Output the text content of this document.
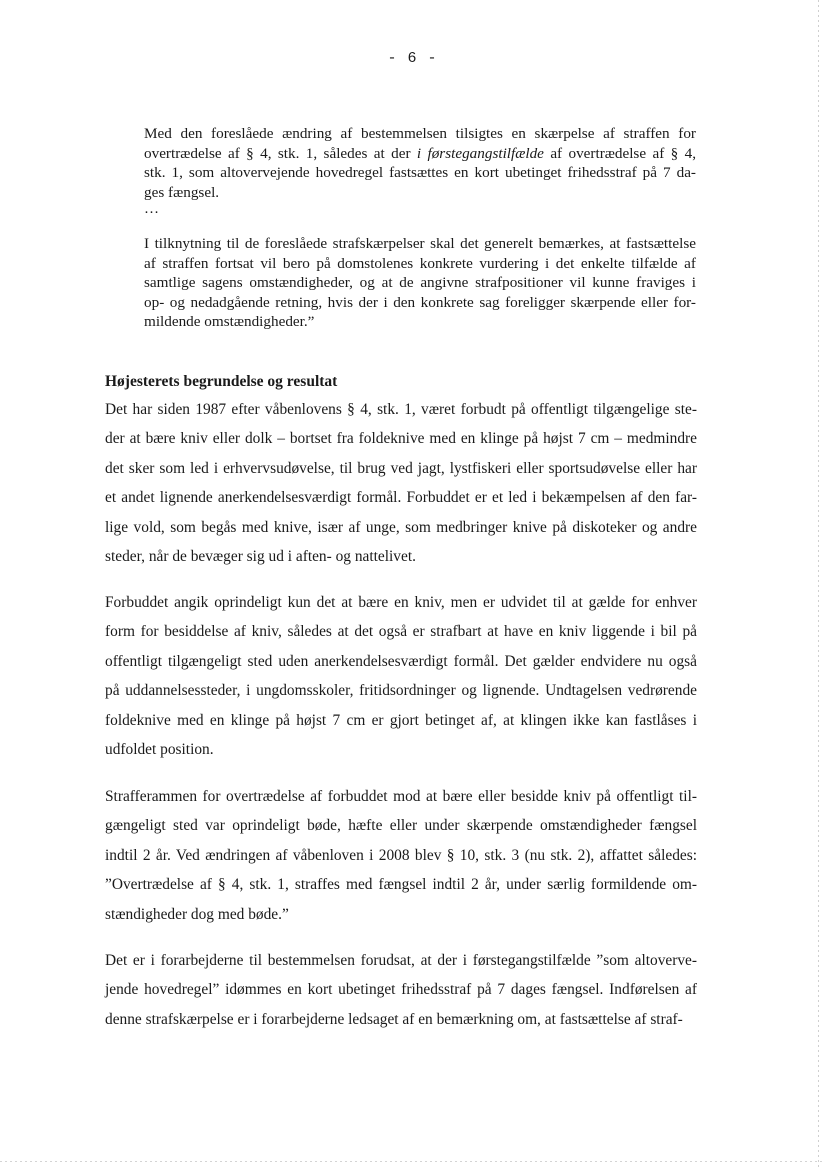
- 6 -
Med den foreslåede ændring af bestemmelsen tilsigtes en skærpelse af straffen for
overtrædelse af § 4, stk. 1, således at der i førstegangstilfælde af overtrædelse af § 4,
stk. 1, som altovervejende hovedregel fastsættes en kort ubetinget frihedsstraf på 7 da-
ges fængsel.
…
I tilknytning til de foreslåede strafskærpelser skal det generelt bemærkes, at fastsættelse
af straffen fortsat vil bero på domstolenes konkrete vurdering i det enkelte tilfælde af
samtlige sagens omstændigheder, og at de angivne strafpositioner vil kunne fraviges i
op- og nedadgående retning, hvis der i den konkrete sag foreligger skærpende eller for-
mildende omstændigheder.”
Højesterets begrundelse og resultat
Det har siden 1987 efter våbenlovens § 4, stk. 1, været forbudt på offentligt tilgængelige ste-
der at bære kniv eller dolk – bortset fra foldeknive med en klinge på højst 7 cm – medmindre
det sker som led i erhvervsudøvelse, til brug ved jagt, lystfiskeri eller sportsudøvelse eller har
et andet lignende anerkendelsesværdigt formål. Forbuddet er et led i bekæmpelsen af den far-
lige vold, som begås med knive, især af unge, som medbringer knive på diskoteker og andre
steder, når de bevæger sig ud i aften- og nattelivet.
Forbuddet angik oprindeligt kun det at bære en kniv, men er udvidet til at gælde for enhver
form for besiddelse af kniv, således at det også er strafbart at have en kniv liggende i bil på
offentligt tilgængeligt sted uden anerkendelsesværdigt formål. Det gælder endvidere nu også
på uddannelsessteder, i ungdomsskoler, fritidsordninger og lignende. Undtagelsen vedrørende
foldeknive med en klinge på højst 7 cm er gjort betinget af, at klingen ikke kan fastlåses i
udfoldet position.
Strafferammen for overtrædelse af forbuddet mod at bære eller besidde kniv på offentligt til-
gængeligt sted var oprindeligt bøde, hæfte eller under skærpende omstændigheder fængsel
indtil 2 år. Ved ændringen af våbenloven i 2008 blev § 10, stk. 3 (nu stk. 2), affattet således:
”Overtrædelse af § 4, stk. 1, straffes med fængsel indtil 2 år, under særlig formildende om-
stændigheder dog med bøde.”
Det er i forarbejderne til bestemmelsen forudsat, at der i førstegangstilfælde ”som altoverve-
jende hovedregel” idømmes en kort ubetinget frihedsstraf på 7 dages fængsel. Indførelsen af
denne strafskærpelse er i forarbejderne ledsaget af en bemærkning om, at fastsættelse af straf-
